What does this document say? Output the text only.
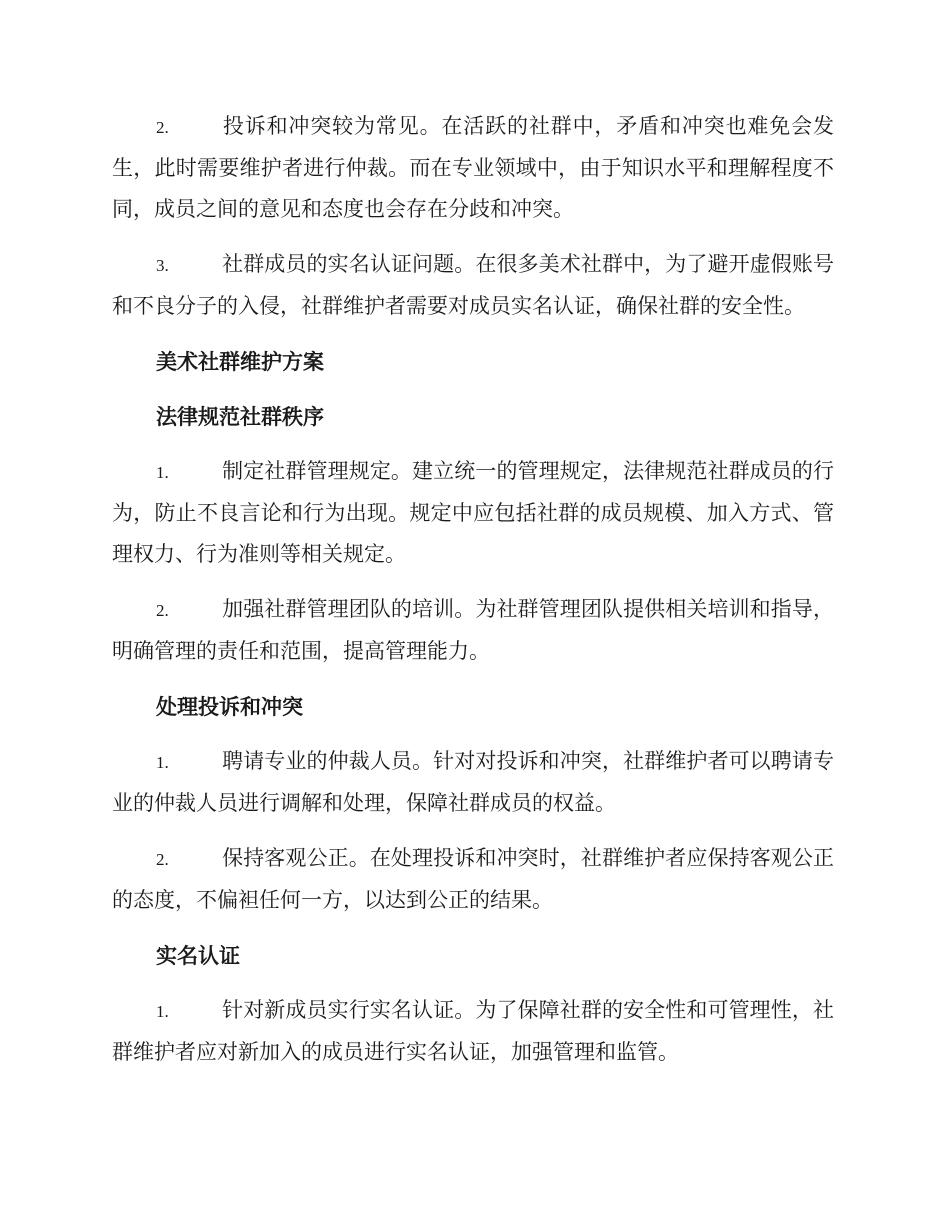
2.	投诉和冲突较为常见。在活跃的社群中，矛盾和冲突也难免会发生，此时需要维护者进行仲裁。而在专业领域中，由于知识水平和理解程度不同，成员之间的意见和态度也会存在分歧和冲突。

3.	社群成员的实名认证问题。在很多美术社群中，为了避开虚假账号和不良分子的入侵，社群维护者需要对成员实名认证，确保社群的安全性。

美术社群维护方案
法律规范社群秩序

1.	制定社群管理规定。建立统一的管理规定，法律规范社群成员的行为，防止不良言论和行为出现。规定中应包括社群的成员规模、加入方式、管理权力、行为准则等相关规定。

2.	加强社群管理团队的培训。为社群管理团队提供相关培训和指导，明确管理的责任和范围，提高管理能力。

处理投诉和冲突

1.	聘请专业的仲裁人员。针对对投诉和冲突，社群维护者可以聘请专业的仲裁人员进行调解和处理，保障社群成员的权益。

2.	保持客观公正。在处理投诉和冲突时，社群维护者应保持客观公正的态度，不偏袒任何一方，以达到公正的结果。

实名认证

1.	针对新成员实行实名认证。为了保障社群的安全性和可管理性，社群维护者应对新加入的成员进行实名认证，加强管理和监管。
